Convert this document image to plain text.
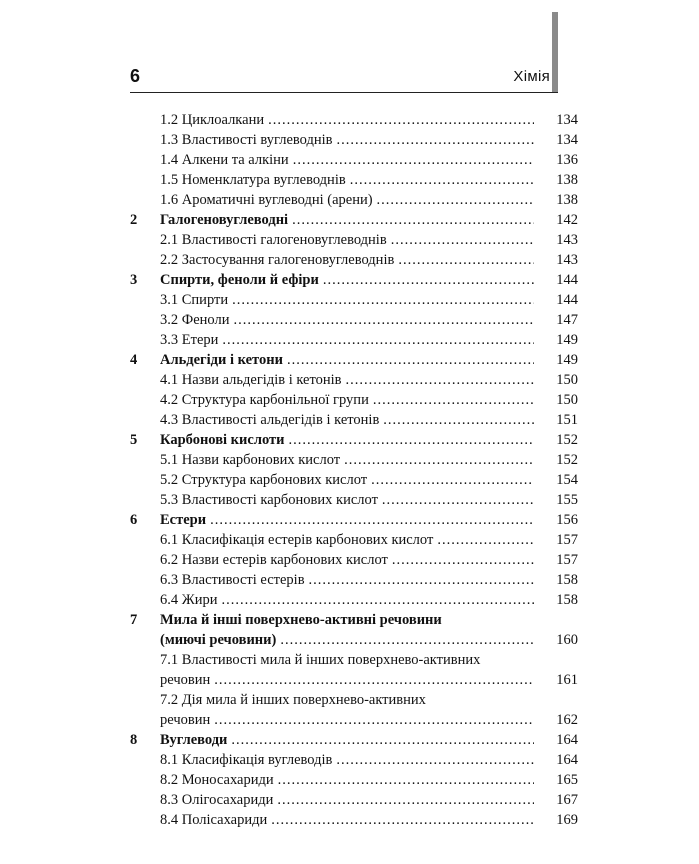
6	Хімія
1.2 Циклоалкани .....	134
1.3 Властивості вуглеводнів .....	134
1.4 Алкени та алкіни .....	136
1.5 Номенклатура вуглеводнів .....	138
1.6 Ароматичні вуглеводні (арени) .....	138
2 Галогеновуглеводні .....	142
2.1 Властивості галогеновуглеводнів .....	143
2.2 Застосування галогеновуглеводнів .....	143
3 Спирти, феноли й ефіри .....	144
3.1 Спирти .....	144
3.2 Феноли .....	147
3.3 Етери .....	149
4 Альдегіди і кетони .....	149
4.1 Назви альдегідів і кетонів .....	150
4.2 Структура карбонільної групи .....	150
4.3 Властивості альдегідів і кетонів .....	151
5 Карбонові кислоти .....	152
5.1 Назви карбонових кислот .....	152
5.2 Структура карбонових кислот .....	154
5.3 Властивості карбонових кислот .....	155
6 Естери .....	156
6.1 Класифікація естерів карбонових кислот .....	157
6.2 Назви естерів карбонових кислот .....	157
6.3 Властивості естерів .....	158
6.4 Жири .....	158
7 Мила й інші поверхнево-активні речовини
(миючі речовини) .....	160
7.1 Властивості мила й інших поверхнево-активних
речовин .....	161
7.2 Дія мила й інших поверхнево-активних
речовин .....	162
8 Вуглеводи .....	164
8.1 Класифікація вуглеводів .....	164
8.2 Моносахариди .....	165
8.3 Олігосахариди .....	167
8.4 Полісахариди .....	169
